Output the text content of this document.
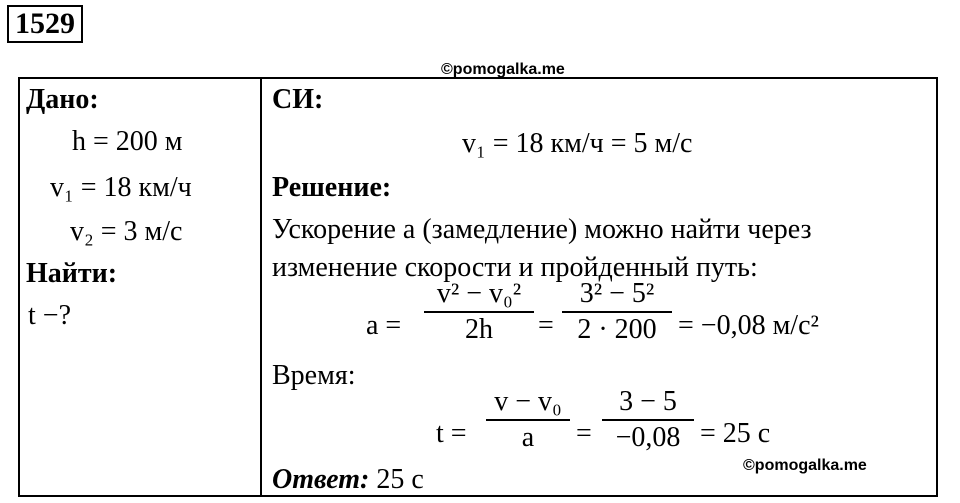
1529
©pomogalka.me
Дано:
h = 200 м
v₁ = 18 км/ч
v₂ = 3 м/с
Найти:
t −?
СИ:
v₁ = 18 км/ч = 5 м/с
Решение:
Ускорение a (замедление) можно найти через
изменение скорости и пройденный путь:
$a = \frac{\text{v² − v₀²}}{2h} = \frac{\text{3² − 5²}}{2 \cdot 200} = -0,08$ м/с²
Время:
$t = \frac{\text{v − v₀}}{a} = \frac{3 - 5}{-0,08} = 25$ с
Ответ: 25 с	©pomogalka.me
